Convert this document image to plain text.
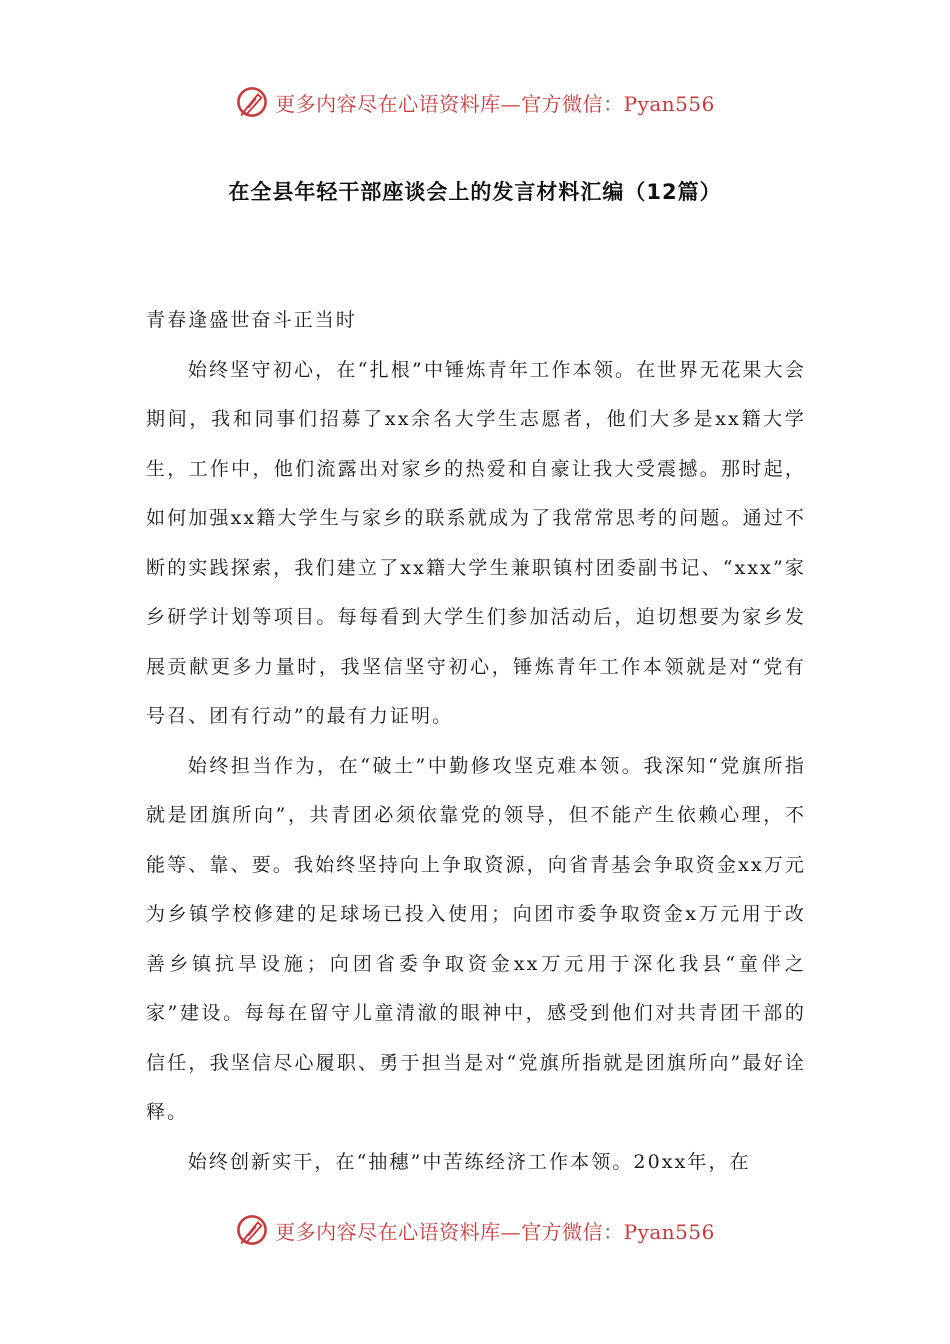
更多内容尽在心语资料库—官方微信：Pyan556
在全县年轻干部座谈会上的发言材料汇编（12篇）

青春逢盛世奋斗正当时

始终坚守初心，在“扎根”中锤炼青年工作本领。在世界无花果大会期间，我和同事们招募了xx余名大学生志愿者，他们大多是xx籍大学生，工作中，他们流露出对家乡的热爱和自豪让我大受震撼。那时起，如何加强xx籍大学生与家乡的联系就成为了我常常思考的问题。通过不断的实践探索，我们建立了xx籍大学生兼职镇村团委副书记、“xxx”家乡研学计划等项目。每每看到大学生们参加活动后，迫切想要为家乡发展贡献更多力量时，我坚信坚守初心，锤炼青年工作本领就是对“党有号召、团有行动”的最有力证明。

始终担当作为，在“破土”中勤修攻坚克难本领。我深知“党旗所指就是团旗所向”，共青团必须依靠党的领导，但不能产生依赖心理，不能等、靠、要。我始终坚持向上争取资源，向省青基会争取资金xx万元为乡镇学校修建的足球场已投入使用；向团市委争取资金x万元用于改善乡镇抗旱设施；向团省委争取资金xx万元用于深化我县“童伴之家”建设。每每在留守儿童清澈的眼神中，感受到他们对共青团干部的信任，我坚信尽心履职、勇于担当是对“党旗所指就是团旗所向”最好诠释。

始终创新实干，在“抽穗”中苦练经济工作本领。20xx年，在

更多内容尽在心语资料库—官方微信：Pyan556
